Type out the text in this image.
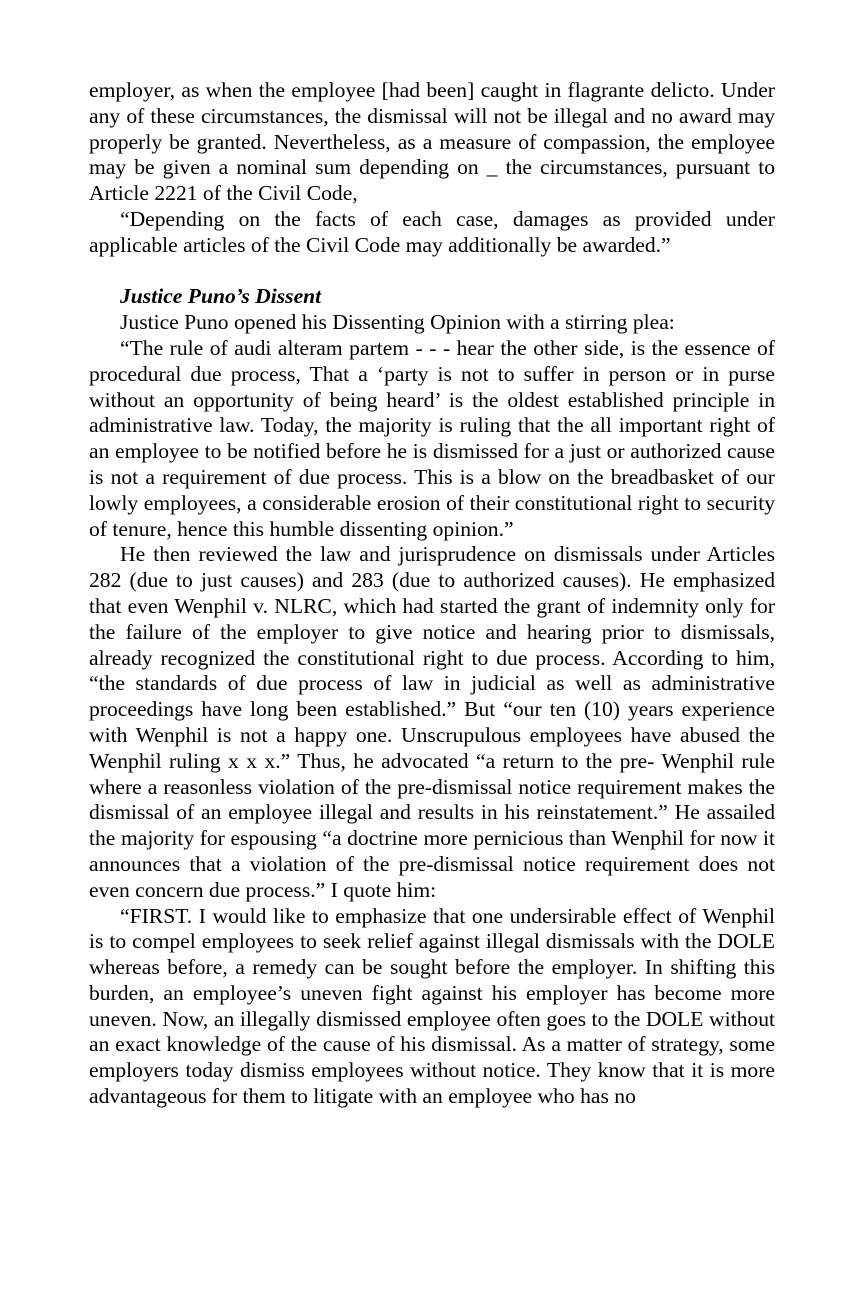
employer, as when the employee [had been] caught in flagrante delicto. Under any of these circumstances, the dismissal will not be illegal and no award may properly be granted. Nevertheless, as a measure of compassion, the employee may be given a nominal sum depending on _ the circumstances, pursuant to Article 2221 of the Civil Code,

“Depending on the facts of each case, damages as provided under applicable articles of the Civil Code may additionally be awarded.”

Justice Puno’s Dissent

Justice Puno opened his Dissenting Opinion with a stirring plea:

“The rule of audi alteram partem - - - hear the other side, is the essence of procedural due process, That a ‘party is not to suffer in person or in purse without an opportunity of being heard’ is the oldest established principle in administrative law. Today, the majority is ruling that the all important right of an employee to be notified before he is dismissed for a just or authorized cause is not a requirement of due process. This is a blow on the breadbasket of our lowly employees, a considerable erosion of their constitutional right to security of tenure, hence this humble dissenting opinion.”

He then reviewed the law and jurisprudence on dismissals under Articles 282 (due to just causes) and 283 (due to authorized causes). He emphasized that even Wenphil v. NLRC, which had started the grant of indemnity only for the failure of the employer to give notice and hearing prior to dismissals, already recognized the constitutional right to due process. According to him, “the standards of due process of law in judicial as well as administrative proceedings have long been established.” But “our ten (10) years experience with Wenphil is not a happy one. Unscrupulous employees have abused the Wenphil ruling x x x.” Thus, he advocated “a return to the pre- Wenphil rule where a reasonless violation of the pre-dismissal notice requirement makes the dismissal of an employee illegal and results in his reinstatement.” He assailed the majority for espousing “a doctrine more pernicious than Wenphil for now it announces that a violation of the pre-dismissal notice requirement does not even concern due process.” I quote him:

“FIRST. I would like to emphasize that one undersirable effect of Wenphil is to compel employees to seek relief against illegal dismissals with the DOLE whereas before, a remedy can be sought before the employer. In shifting this burden, an employee’s uneven fight against his employer has become more uneven. Now, an illegally dismissed employee often goes to the DOLE without an exact knowledge of the cause of his dismissal. As a matter of strategy, some employers today dismiss employees without notice. They know that it is more advantageous for them to litigate with an employee who has no
